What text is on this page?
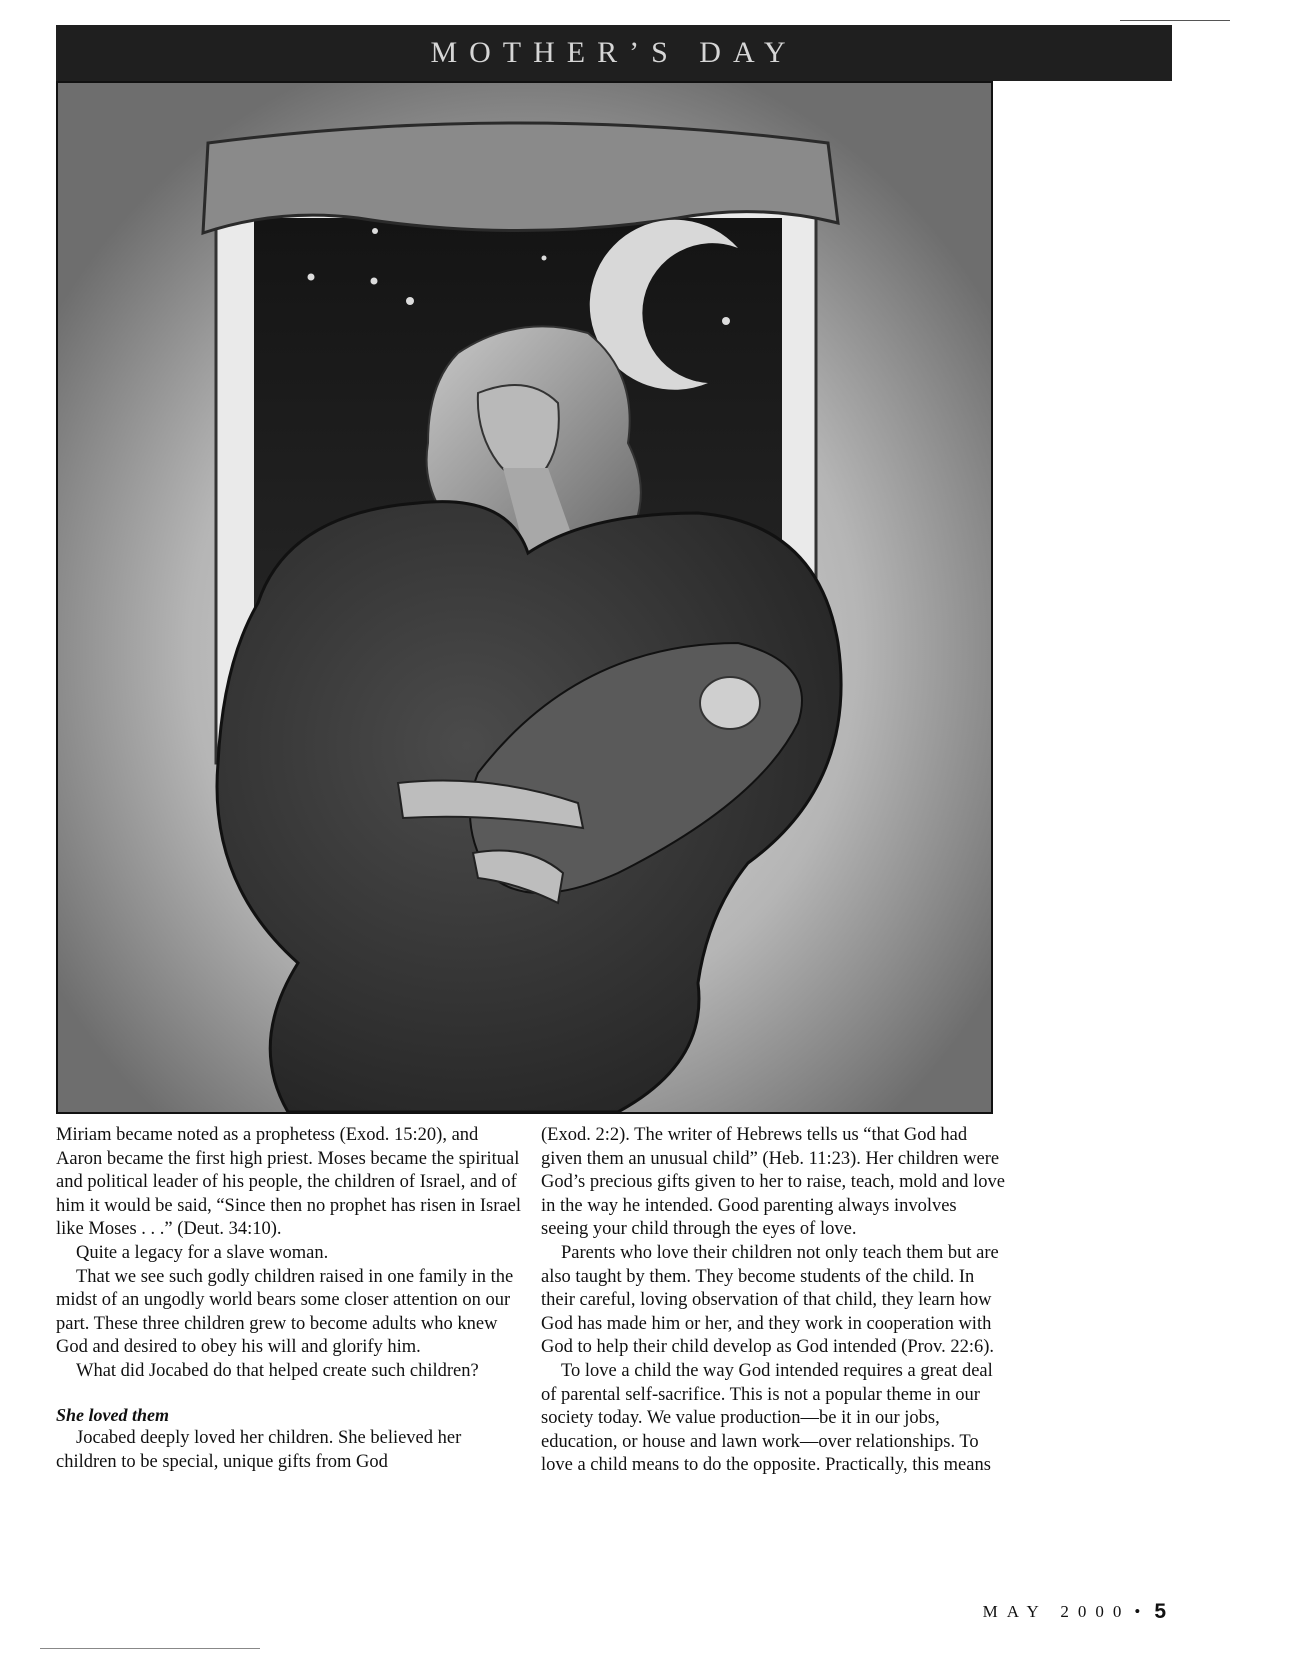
MOTHER’S DAY

Miriam became noted as a prophetess (Exod. 15:20), and Aaron became the first high priest. Moses became the spiritual and political leader of his people, the children of Israel, and of him it would be said, “Since then no prophet has risen in Israel like Moses . . .” (Deut. 34:10).

Quite a legacy for a slave woman.

That we see such godly children raised in one family in the midst of an ungodly world bears some closer attention on our part. These three children grew to become adults who knew God and desired to obey his will and glorify him.

What did Jocabed do that helped create such children?

She loved them

Jocabed deeply loved her children. She believed her children to be special, unique gifts from God

(Exod. 2:2). The writer of Hebrews tells us “that God had given them an unusual child” (Heb. 11:23). Her children were God’s precious gifts given to her to raise, teach, mold and love in the way he intended. Good parenting always involves seeing your child through the eyes of love.

Parents who love their children not only teach them but are also taught by them. They become students of the child. In their careful, loving observation of that child, they learn how God has made him or her, and they work in cooperation with God to help their child develop as God intended (Prov. 22:6).

To love a child the way God intended requires a great deal of parental self-sacrifice. This is not a popular theme in our society today. We value production—be it in our jobs, education, or house and lawn work—over relationships. To love a child means to do the opposite. Practically, this means

MAY 2000 • 5
